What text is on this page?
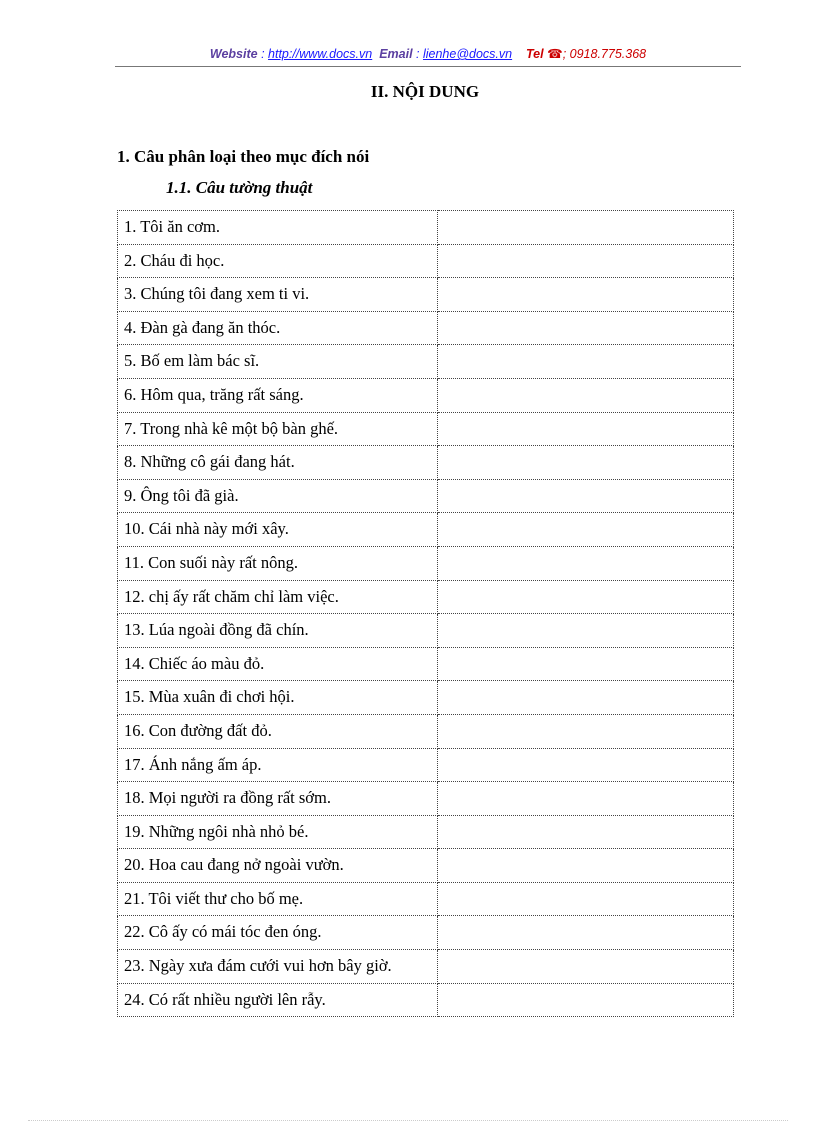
Website : http://www.docs.vn Email : lienhe@docs.vn Tel ☎; 0918.775.368
II. NỘI DUNG
1. Câu phân loại theo mục đích nói
1.1. Câu tường thuật
1. Tôi ăn cơm.	
2. Cháu đi học.	
3. Chúng tôi đang xem ti vi.	
4. Đàn gà đang ăn thóc.	
5. Bố em làm bác sĩ.	
6. Hôm qua, trăng rất sáng.	
7. Trong nhà kê một bộ bàn ghế.	
8. Những cô gái đang hát.	
9. Ông tôi đã già.	
10. Cái nhà này mới xây.	
11. Con suối này rất nông.	
12. chị ấy rất chăm chỉ làm việc.	
13. Lúa ngoài đồng đã chín.	
14. Chiếc áo màu đỏ.	
15. Mùa xuân đi chơi hội.	
16. Con đường đất đỏ.	
17. Ánh nắng ấm áp.	
18. Mọi người ra đồng rất sớm.	
19. Những ngôi nhà nhỏ bé.	
20. Hoa cau đang nở ngoài vườn.	
21. Tôi viết thư cho bố mẹ.	
22. Cô ấy có mái tóc đen óng.	
23. Ngày xưa đám cưới vui hơn bây giờ.	
24. Có rất nhiều người lên rẫy.	
